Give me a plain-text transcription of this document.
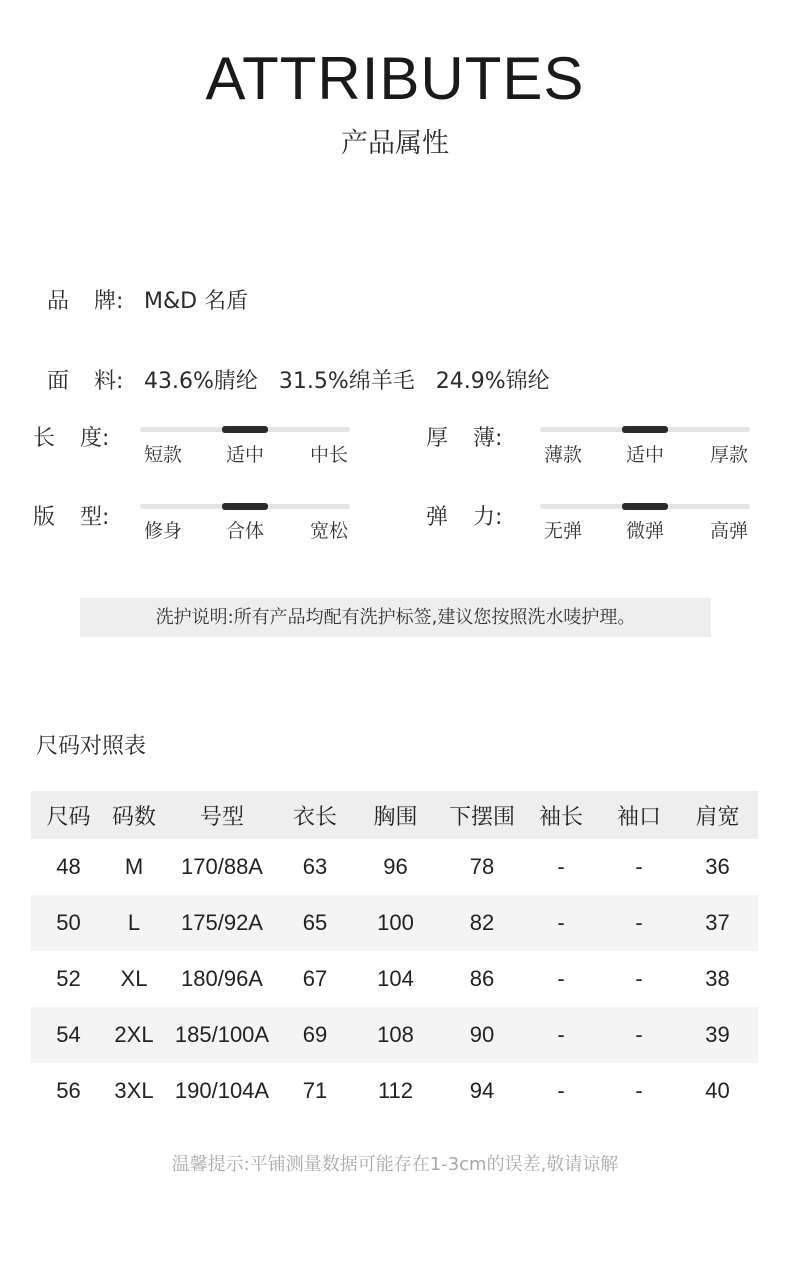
ATTRIBUTES
产品属性

品 牌: M&D 名盾

面 料: 43.6%腈纶   31.5%绵羊毛   24.9%锦纶

长 度:
短款	适中	中长
厚 薄:
薄款	适中	厚款
版 型:
修身	合体	宽松
弹 力:
无弹	微弹	高弹
洗护说明:所有产品均配有洗护标签,建议您按照洗水唛护理。
尺码对照表
尺码	码数	号型	衣长	胸围	下摆围	袖长	袖口	肩宽
48	M	170/88A	63	96	78	-	-	36
50	L	175/92A	65	100	82	-	-	37
52	XL	180/96A	67	104	86	-	-	38
54	2XL	185/100A	69	108	90	-	-	39
56	3XL	190/104A	71	112	94	-	-	40
温馨提示:平铺测量数据可能存在1-3cm的误差,敬请谅解
